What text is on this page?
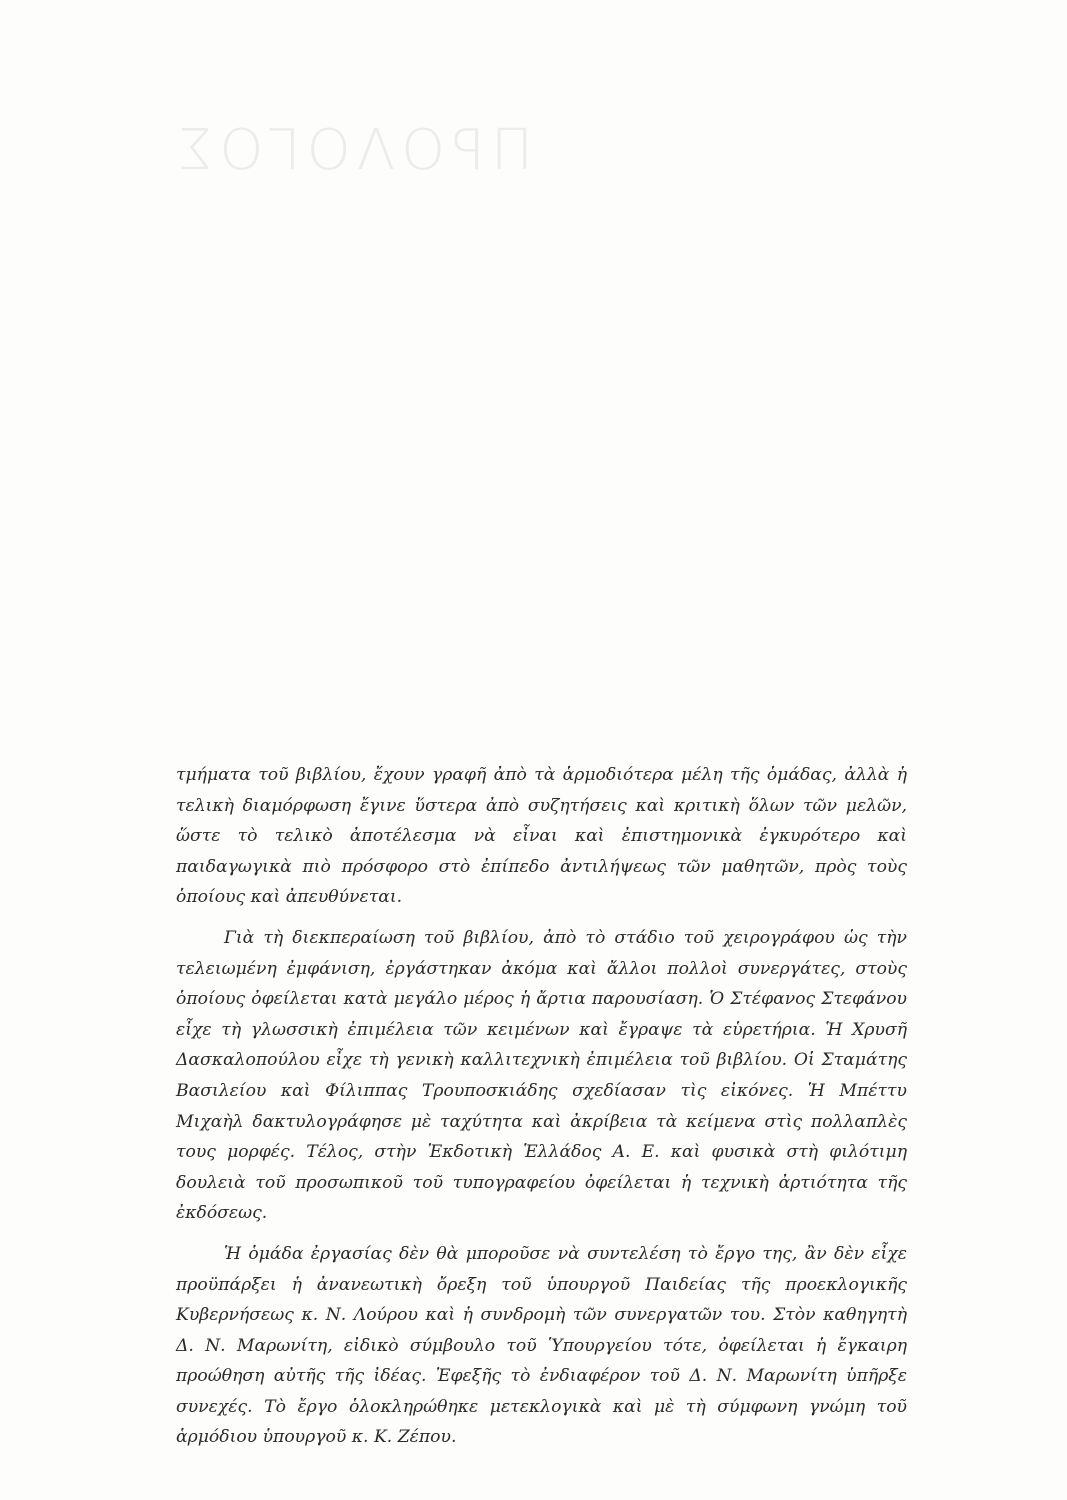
ΠΡΟΛΟΓΟΣ

τμήματα τοῦ βιβλίου, ἔχουν γραφῆ ἀπὸ τὰ ἁρμοδιότερα μέλη τῆς ὁμάδας, ἀλλὰ ἡ τελικὴ διαμόρφωση ἔγινε ὕστερα ἀπὸ συζητήσεις καὶ κριτικὴ ὅλων τῶν μελῶν, ὥστε τὸ τελικὸ ἀποτέλεσμα νὰ εἶναι καὶ ἐπιστημονικὰ ἐγκυρότερο καὶ παιδαγωγικὰ πιὸ πρόσφορο στὸ ἐπίπεδο ἀντιλήψεως τῶν μαθητῶν, πρὸς τοὺς ὁποίους καὶ ἀπευθύνεται.

Γιὰ τὴ διεκπεραίωση τοῦ βιβλίου, ἀπὸ τὸ στάδιο τοῦ χειρογράφου ὡς τὴν τελειωμένη ἐμφάνιση, ἐργάστηκαν ἀκόμα καὶ ἄλλοι πολλοὶ συνεργάτες, στοὺς ὁποίους ὀφείλεται κατὰ μεγάλο μέρος ἡ ἄρτια παρουσίαση. Ὁ Στέφανος Στεφάνου εἶχε τὴ γλωσσικὴ ἐπιμέλεια τῶν κειμένων καὶ ἔγραψε τὰ εὑρετήρια. Ἡ Χρυσῆ Δασκαλοπούλου εἶχε τὴ γενικὴ καλλιτεχνικὴ ἐπιμέλεια τοῦ βιβλίου. Οἱ Σταμάτης Βασιλείου καὶ Φίλιππας Τρουποσκιάδης σχεδίασαν τὶς εἰκόνες. Ἡ Μπέττυ Μιχαὴλ δακτυλογράφησε μὲ ταχύτητα καὶ ἀκρίβεια τὰ κείμενα στὶς πολλαπλὲς τους μορφές. Τέλος, στὴν Ἐκδοτικὴ Ἑλλάδος Α. Ε. καὶ φυσικὰ στὴ φιλότιμη δουλειὰ τοῦ προσωπικοῦ τοῦ τυπογραφείου ὀφείλεται ἡ τεχνικὴ ἀρτιότητα τῆς ἐκδόσεως.

Ἡ ὁμάδα ἐργασίας δὲν θὰ μποροῦσε νὰ συντελέση τὸ ἔργο της, ἂν δὲν εἶχε προϋπάρξει ἡ ἀνανεωτικὴ ὄρεξη τοῦ ὑπουργοῦ Παιδείας τῆς προεκλογικῆς Κυβερνήσεως κ. Ν. Λούρου καὶ ἡ συνδρομὴ τῶν συνεργατῶν του. Στὸν καθηγητὴ Δ. Ν. Μαρωνίτη, εἰδικὸ σύμβουλο τοῦ Ὑπουργείου τότε, ὀφείλεται ἡ ἔγκαιρη προώθηση αὐτῆς τῆς ἰδέας. Ἐφεξῆς τὸ ἐνδιαφέρον τοῦ Δ. Ν. Μαρωνίτη ὑπῆρξε συνεχές. Τὸ ἔργο ὁλοκληρώθηκε μετεκλογικὰ καὶ μὲ τὴ σύμφωνη γνώμη τοῦ ἁρμόδιου ὑπουργοῦ κ. Κ. Ζέπου.
